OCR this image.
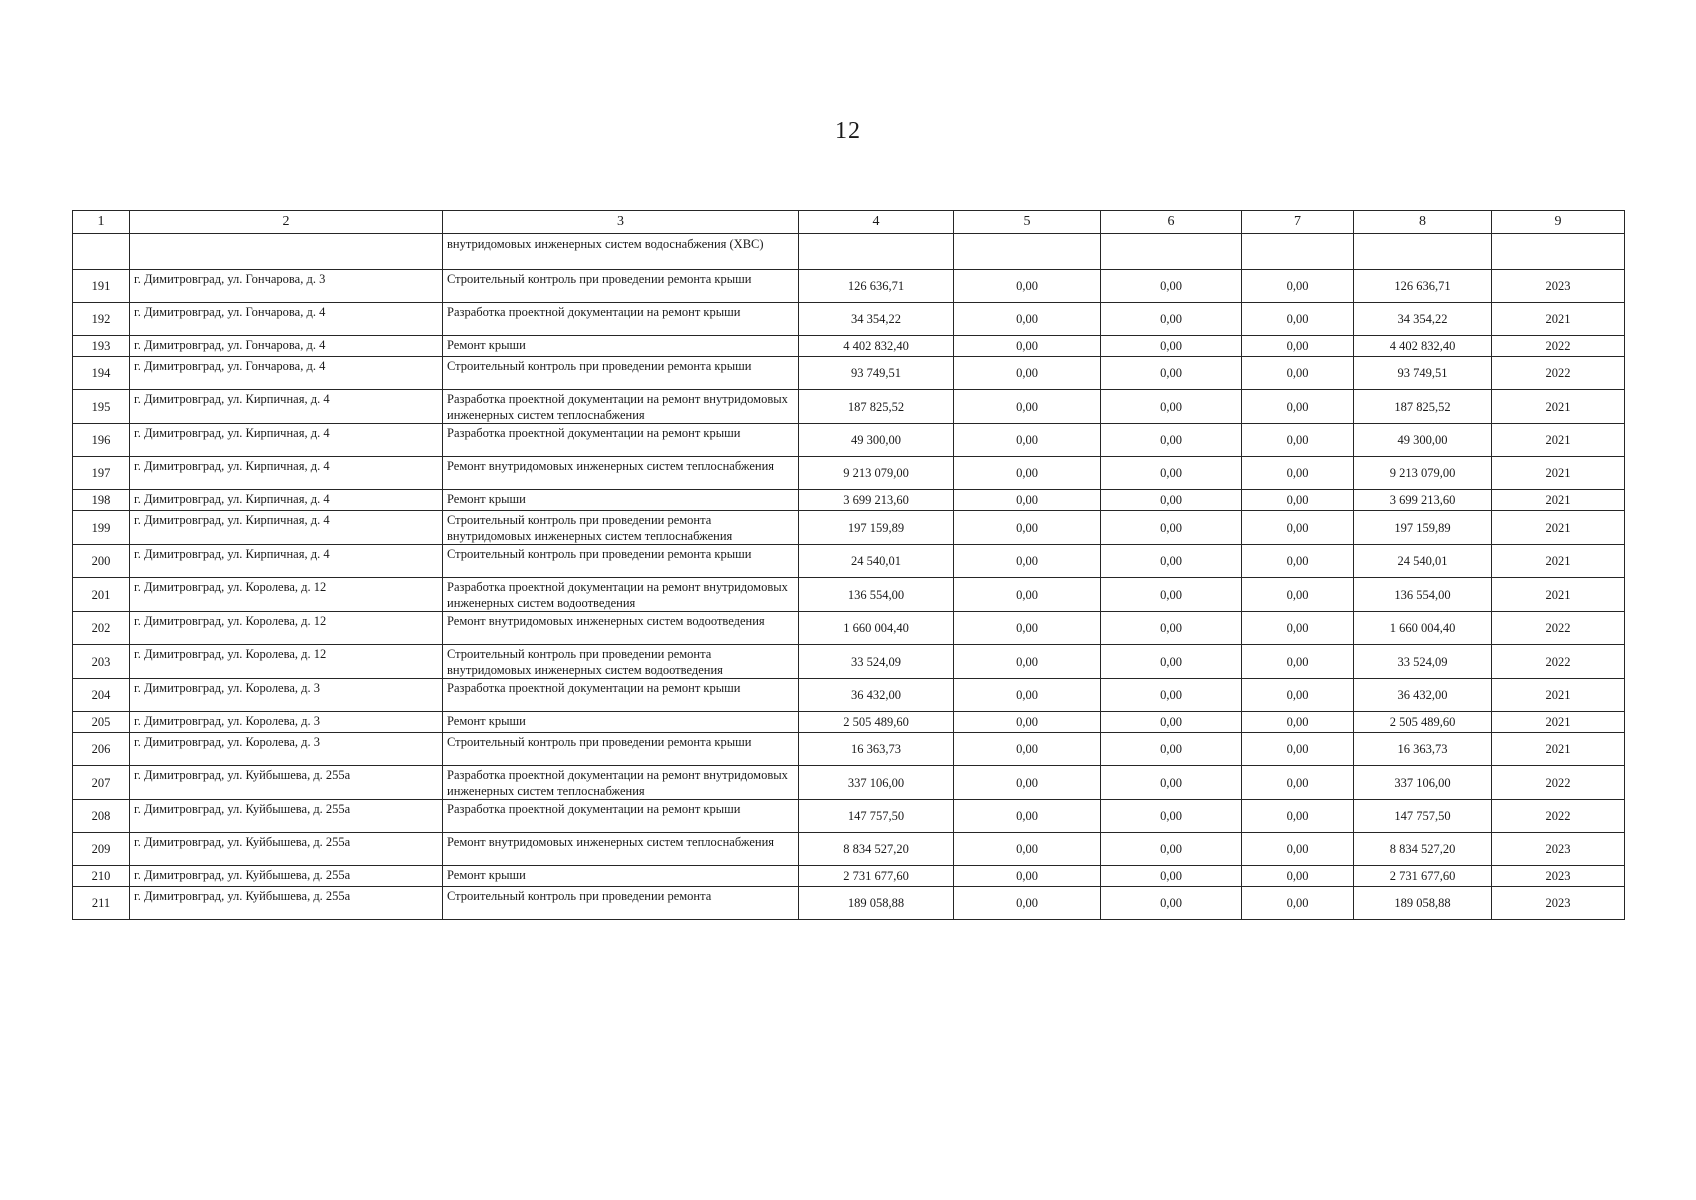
12
1	2	3	4	5	6	7	8	9
		внутридомовых инженерных систем водоснабжения (ХВС)						
191	г. Димитровград, ул. Гончарова, д. 3	Строительный контроль при проведении ремонта крыши	126 636,71	0,00	0,00	0,00	126 636,71	2023
192	г. Димитровград, ул. Гончарова, д. 4	Разработка проектной документации на ремонт крыши	34 354,22	0,00	0,00	0,00	34 354,22	2021
193	г. Димитровград, ул. Гончарова, д. 4	Ремонт крыши	4 402 832,40	0,00	0,00	0,00	4 402 832,40	2022
194	г. Димитровград, ул. Гончарова, д. 4	Строительный контроль при проведении ремонта крыши	93 749,51	0,00	0,00	0,00	93 749,51	2022
195	г. Димитровград, ул. Кирпичная, д. 4	Разработка проектной документации на ремонт внутридомовых инженерных систем теплоснабжения	187 825,52	0,00	0,00	0,00	187 825,52	2021
196	г. Димитровград, ул. Кирпичная, д. 4	Разработка проектной документации на ремонт крыши	49 300,00	0,00	0,00	0,00	49 300,00	2021
197	г. Димитровград, ул. Кирпичная, д. 4	Ремонт внутридомовых инженерных систем теплоснабжения	9 213 079,00	0,00	0,00	0,00	9 213 079,00	2021
198	г. Димитровград, ул. Кирпичная, д. 4	Ремонт крыши	3 699 213,60	0,00	0,00	0,00	3 699 213,60	2021
199	г. Димитровград, ул. Кирпичная, д. 4	Строительный контроль при проведении ремонта внутридомовых инженерных систем теплоснабжения	197 159,89	0,00	0,00	0,00	197 159,89	2021
200	г. Димитровград, ул. Кирпичная, д. 4	Строительный контроль при проведении ремонта крыши	24 540,01	0,00	0,00	0,00	24 540,01	2021
201	г. Димитровград, ул. Королева, д. 12	Разработка проектной документации на ремонт внутридомовых инженерных систем водоотведения	136 554,00	0,00	0,00	0,00	136 554,00	2021
202	г. Димитровград, ул. Королева, д. 12	Ремонт внутридомовых инженерных систем водоотведения	1 660 004,40	0,00	0,00	0,00	1 660 004,40	2022
203	г. Димитровград, ул. Королева, д. 12	Строительный контроль при проведении ремонта внутридомовых инженерных систем водоотведения	33 524,09	0,00	0,00	0,00	33 524,09	2022
204	г. Димитровград, ул. Королева, д. 3	Разработка проектной документации на ремонт крыши	36 432,00	0,00	0,00	0,00	36 432,00	2021
205	г. Димитровград, ул. Королева, д. 3	Ремонт крыши	2 505 489,60	0,00	0,00	0,00	2 505 489,60	2021
206	г. Димитровград, ул. Королева, д. 3	Строительный контроль при проведении ремонта крыши	16 363,73	0,00	0,00	0,00	16 363,73	2021
207	г. Димитровград, ул. Куйбышева, д. 255а	Разработка проектной документации на ремонт внутридомовых инженерных систем теплоснабжения	337 106,00	0,00	0,00	0,00	337 106,00	2022
208	г. Димитровград, ул. Куйбышева, д. 255а	Разработка проектной документации на ремонт крыши	147 757,50	0,00	0,00	0,00	147 757,50	2022
209	г. Димитровград, ул. Куйбышева, д. 255а	Ремонт внутридомовых инженерных систем теплоснабжения	8 834 527,20	0,00	0,00	0,00	8 834 527,20	2023
210	г. Димитровград, ул. Куйбышева, д. 255а	Ремонт крыши	2 731 677,60	0,00	0,00	0,00	2 731 677,60	2023
211	г. Димитровград, ул. Куйбышева, д. 255а	Строительный контроль при проведении ремонта	189 058,88	0,00	0,00	0,00	189 058,88	2023
